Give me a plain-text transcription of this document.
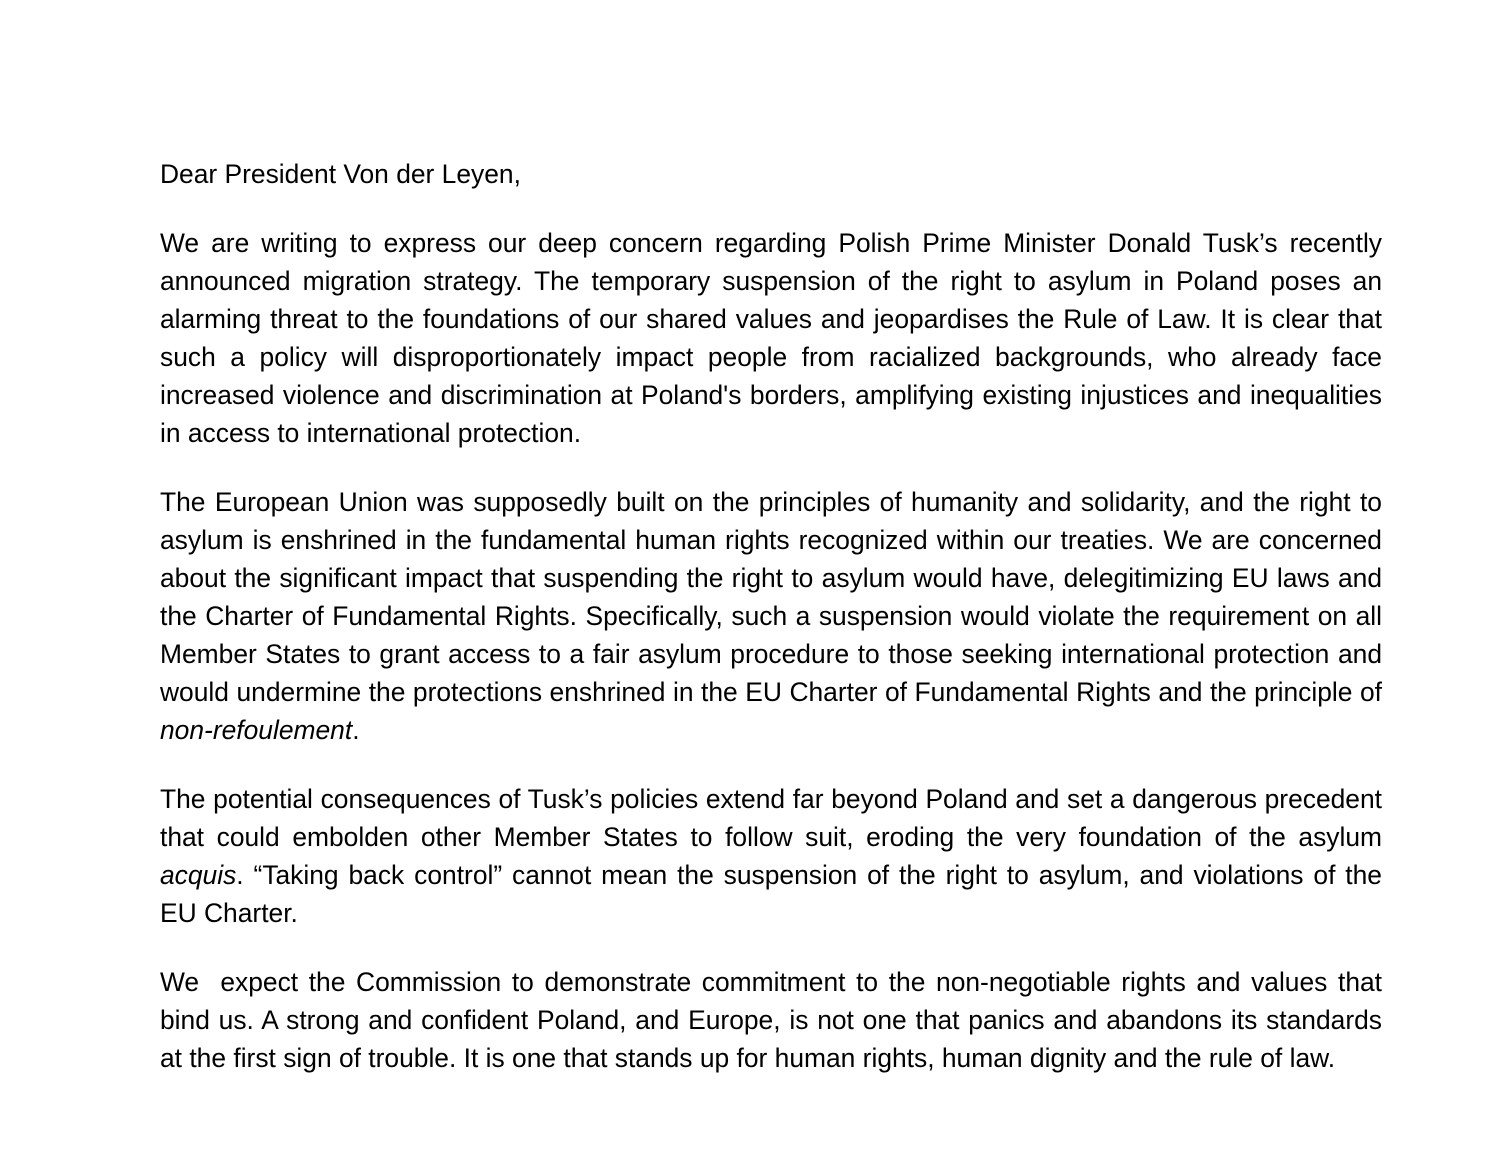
Dear President Von der Leyen,

We are writing to express our deep concern regarding Polish Prime Minister Donald Tusk’s recently announced migration strategy. The temporary suspension of the right to asylum in Poland poses an alarming threat to the foundations of our shared values and jeopardises the Rule of Law. It is clear that such a policy will disproportionately impact people from racialized backgrounds, who already face increased violence and discrimination at Poland's borders, amplifying existing injustices and inequalities in access to international protection.

The European Union was supposedly built on the principles of humanity and solidarity, and the right to asylum is enshrined in the fundamental human rights recognized within our treaties. We are concerned about the significant impact that suspending the right to asylum would have, delegitimizing EU laws and the Charter of Fundamental Rights. Specifically, such a suspension would violate the requirement on all Member States to grant access to a fair asylum procedure to those seeking international protection and would undermine the protections enshrined in the EU Charter of Fundamental Rights and the principle of non-refoulement.

The potential consequences of Tusk’s policies extend far beyond Poland and set a dangerous precedent that could embolden other Member States to follow suit, eroding the very foundation of the asylum acquis. “Taking back control” cannot mean the suspension of the right to asylum, and violations of the EU Charter.

We  expect the Commission to demonstrate commitment to the non-negotiable rights and values that bind us. A strong and confident Poland, and Europe, is not one that panics and abandons its standards at the first sign of trouble. It is one that stands up for human rights, human dignity and the rule of law.
